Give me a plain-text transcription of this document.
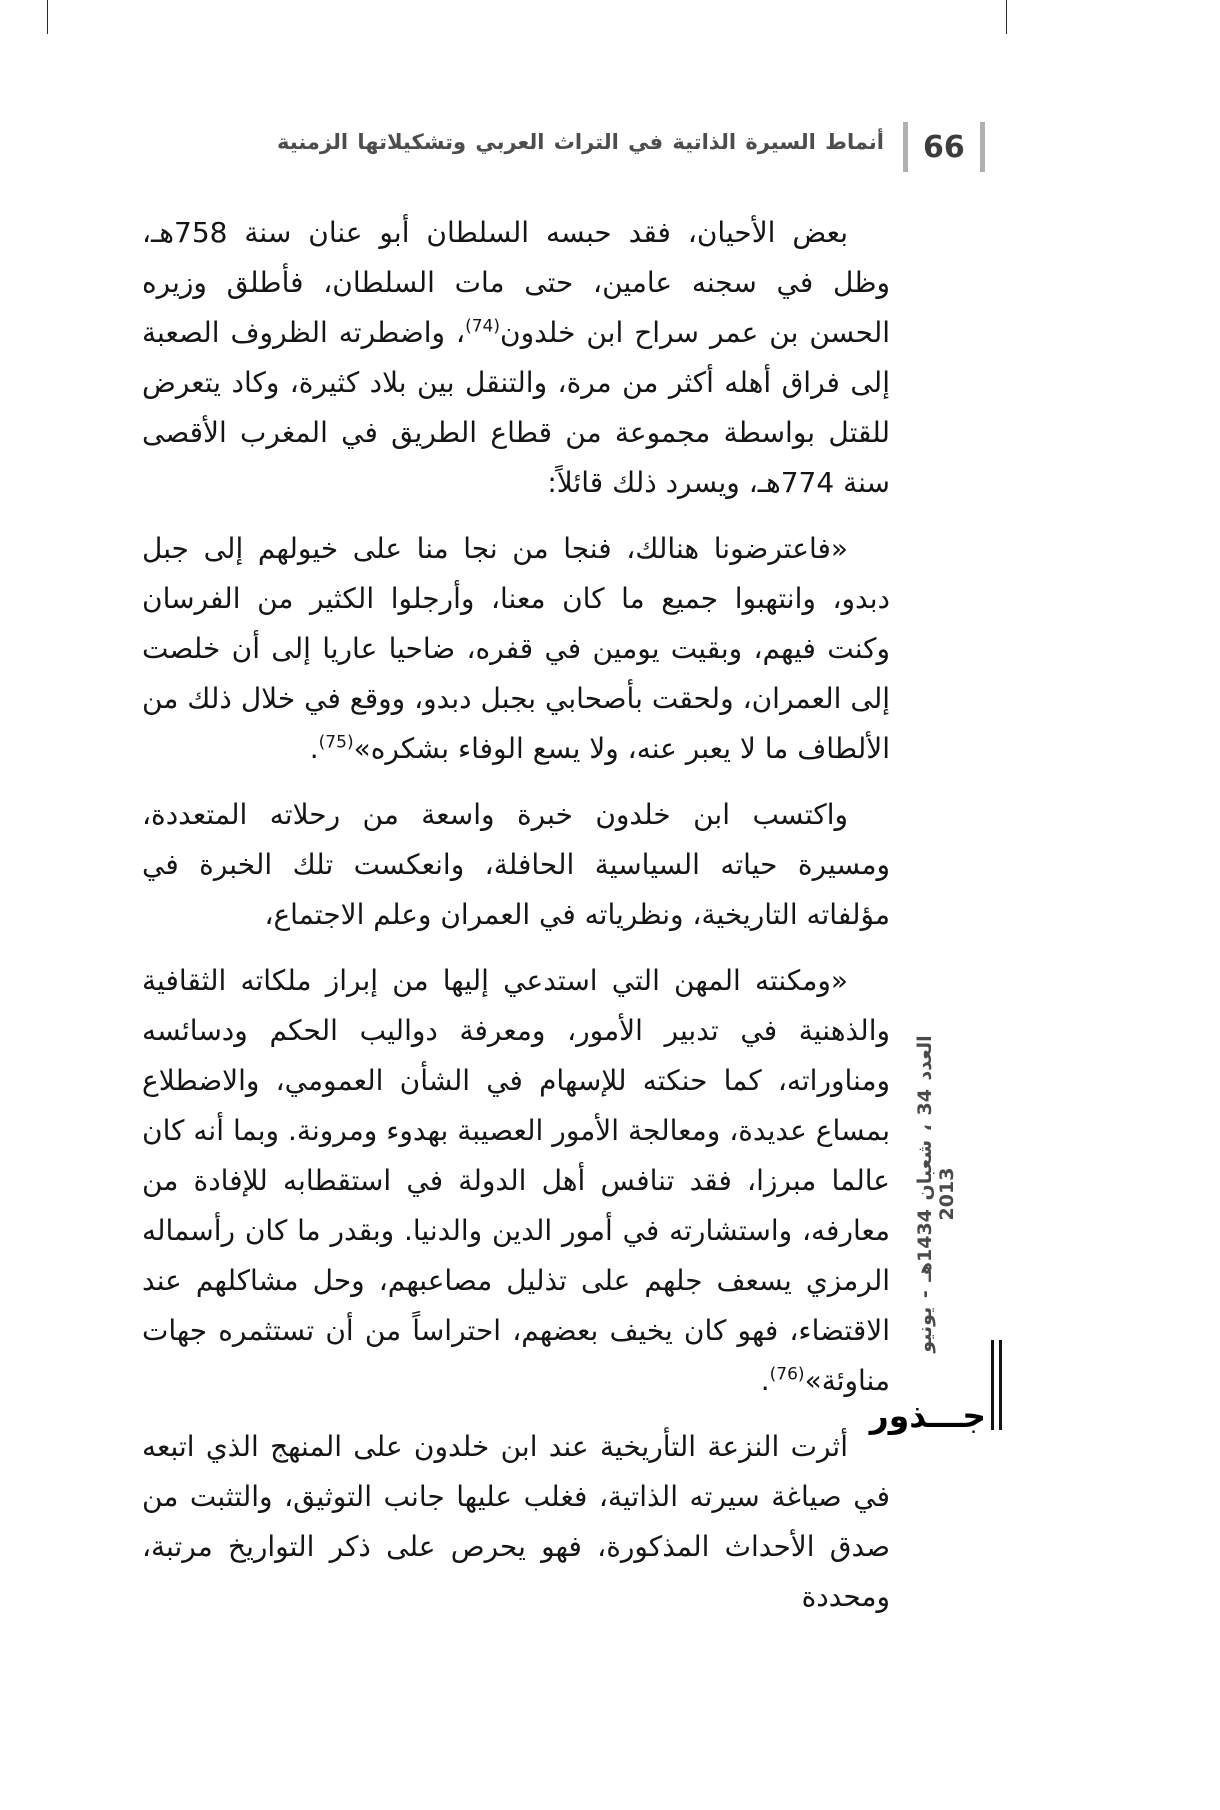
أنماط السيرة الذاتية في التراث العربي وتشكيلاتها الزمنية 66

بعض الأحيان، فقد حبسه السلطان أبو عنان سنة 758هـ، وظل في سجنه عامين، حتى مات السلطان، فأطلق وزيره الحسن بن عمر سراح ابن خلدون$^{(74)}$، واضطرته الظروف الصعبة إلى فراق أهله أكثر من مرة، والتنقل بين بلاد كثيرة، وكاد يتعرض للقتل بواسطة مجموعة من قطاع الطريق في المغرب الأقصى سنة 774هـ، ويسرد ذلك قائلاً:

«فاعترضونا هنالك، فنجا من نجا منا على خيولهم إلى جبل دبدو، وانتهبوا جميع ما كان معنا، وأرجلوا الكثير من الفرسان وكنت فيهم، وبقيت يومين في قفره، ضاحيا عاريا إلى أن خلصت إلى العمران، ولحقت بأصحابي بجبل دبدو، ووقع في خلال ذلك من الألطاف ما لا يعبر عنه، ولا يسع الوفاء بشكره»$^{(75)}$.

واكتسب ابن خلدون خبرة واسعة من رحلاته المتعددة، ومسيرة حياته السياسية الحافلة، وانعكست تلك الخبرة في مؤلفاته التاريخية، ونظرياته في العمران وعلم الاجتماع،

«ومكنته المهن التي استدعي إليها من إبراز ملكاته الثقافية والذهنية في تدبير الأمور، ومعرفة دواليب الحكم ودسائسه ومناوراته، كما حنكته للإسهام في الشأن العمومي، والاضطلاع بمساع عديدة، ومعالجة الأمور العصيبة بهدوء ومرونة. وبما أنه كان عالما مبرزا، فقد تنافس أهل الدولة في استقطابه للإفادة من معارفه، واستشارته في أمور الدين والدنيا. وبقدر ما كان رأسماله الرمزي يسعف جلهم على تذليل مصاعبهم، وحل مشاكلهم عند الاقتضاء، فهو كان يخيف بعضهم، احتراساً من أن تستثمره جهات مناوئة»$^{(76)}$.

أثرت النزعة التأريخية عند ابن خلدون على المنهج الذي اتبعه في صياغة سيرته الذاتية، فغلب عليها جانب التوثيق، والتثبت من صدق الأحداث المذكورة، فهو يحرص على ذكر التواريخ مرتبة، ومحددة

العدد 34 ، شعبان 1434هـ - يونيو 2013
جـــذور
